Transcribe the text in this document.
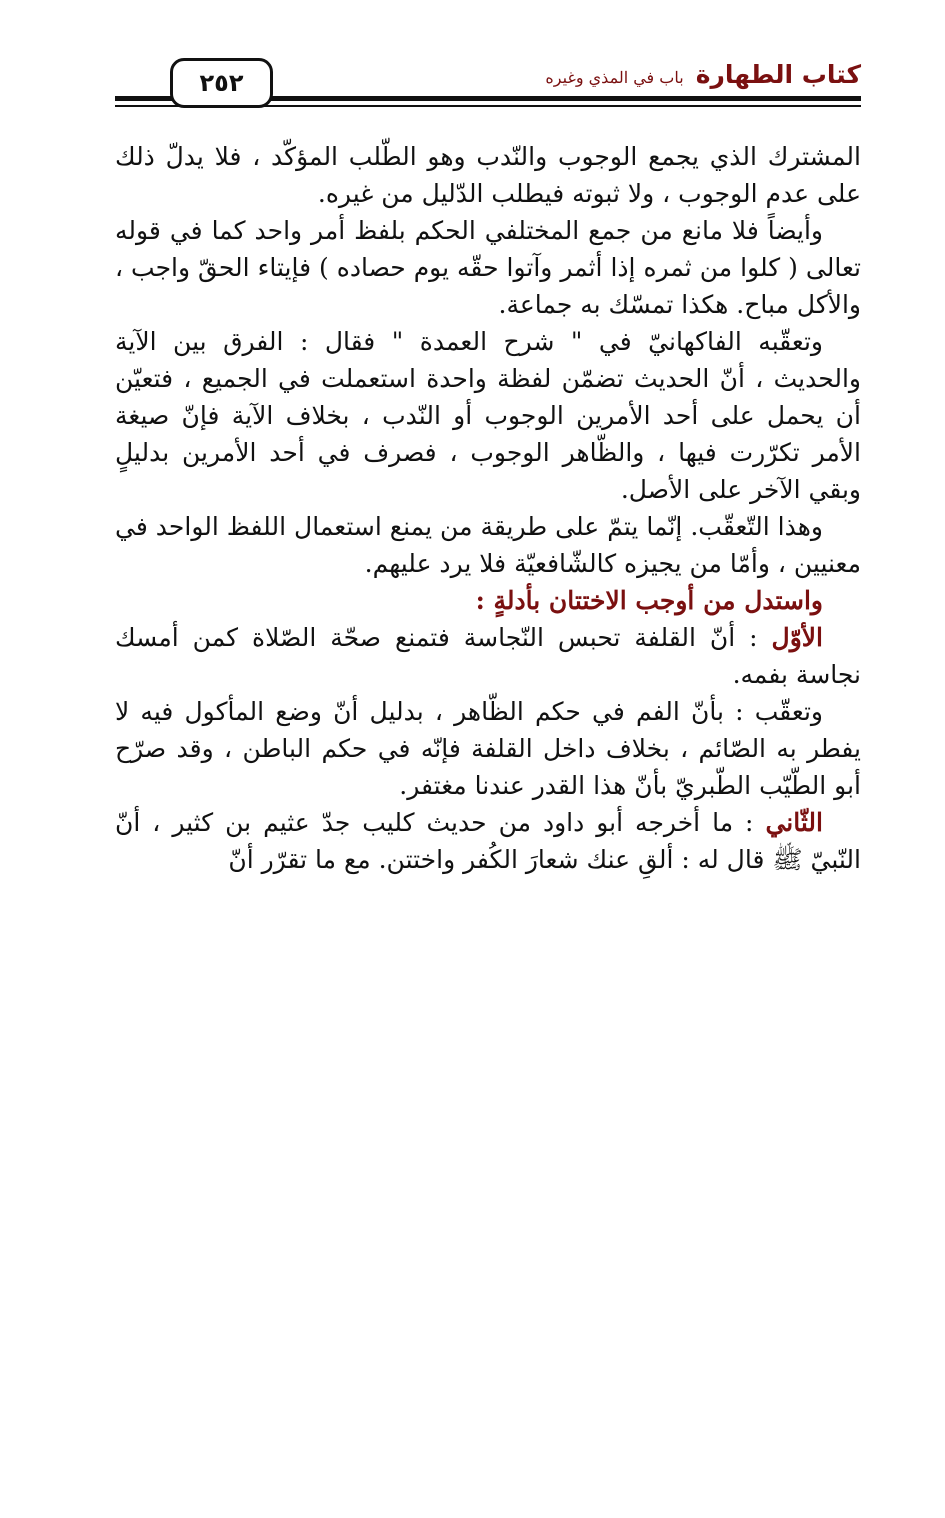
كتاب الطهارةباب في المذي وغيره
٢٥٢

المشترك الذي يجمع الوجوب والنّدب وهو الطّلب المؤكّد ، فلا يدلّ ذلك على عدم الوجوب ، ولا ثبوته فيطلب الدّليل من غيره.

وأيضاً فلا مانع من جمع المختلفي الحكم بلفظ أمر واحد كما في قوله تعالى ( كلوا من ثمره إذا أثمر وآتوا حقّه يوم حصاده ) فإيتاء الحقّ واجب ، والأكل مباح. هكذا تمسّك به جماعة.

وتعقّبه الفاكهانيّ في " شرح العمدة " فقال : الفرق بين الآية والحديث ، أنّ الحديث تضمّن لفظة واحدة استعملت في الجميع ، فتعيّن أن يحمل على أحد الأمرين الوجوب أو النّدب ، بخلاف الآية فإنّ صيغة الأمر تكرّرت فيها ، والظّاهر الوجوب ، فصرف في أحد الأمرين بدليلٍ وبقي الآخر على الأصل.

وهذا التّعقّب. إنّما يتمّ على طريقة من يمنع استعمال اللفظ الواحد في معنيين ، وأمّا من يجيزه كالشّافعيّة فلا يرد عليهم.

واستدل من أوجب الاختتان بأدلةٍ :

الأوّل : أنّ القلفة تحبس النّجاسة فتمنع صحّة الصّلاة كمن أمسك نجاسة بفمه.

وتعقّب : بأنّ الفم في حكم الظّاهر ، بدليل أنّ وضع المأكول فيه لا يفطر به الصّائم ، بخلاف داخل القلفة فإنّه في حكم الباطن ، وقد صرّح أبو الطّيّب الطّبريّ بأنّ هذا القدر عندنا مغتفر.

الثّاني : ما أخرجه أبو داود من حديث كليب جدّ عثيم بن كثير ، أنّ النّبيّ ﷺ قال له : ألقِ عنك شعارَ الكُفر واختتن. مع ما تقرّر أنّ
